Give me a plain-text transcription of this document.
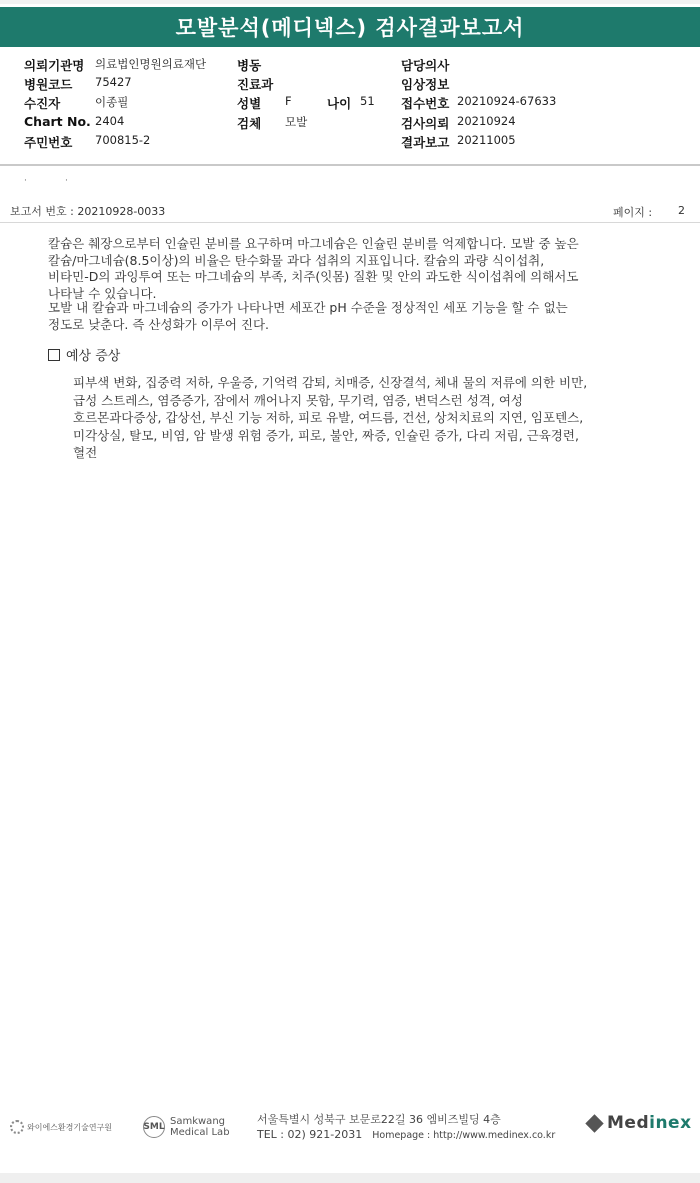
모발분석(메디넥스) 검사결과보고서
의뢰기관명 의료법인명원의료재단 병동	담당의사
병원코드 75427	진료과	임상정보
수진자	이종필	성별 F	나이 51 접수번호 20210924-67633
Chart No. 2404	검체 모발	검사의뢰 20210924
주민번호 700815-2	결과보고 20211005
·	·
보고서 번호 : 20210928-0033	페이지 : 2

칼슘은 췌장으로부터 인슐린 분비를 요구하며 마그네슘은 인슐린 분비를 억제합니다. 모발 중 높은

칼슘/마그네슘(8.5이상)의 비율은 탄수화물 과다 섭취의 지표입니다. 칼슘의 과량 식이섭취,

비타민-D의 과잉투여 또는 마그네슘의 부족, 치주(잇몸) 질환 및 안의 과도한 식이섭취에 의해서도

나타날 수 있습니다.

모발 내 칼슘과 마그네슘의 증가가 나타나면 세포간 pH 수준을 정상적인 세포 기능을 할 수 없는

정도로 낮춘다. 즉 산성화가 이루어 진다.

예상 증상

피부색 변화, 집중력 저하, 우울증, 기억력 감퇴, 치매증, 신장결석, 체내 물의 저류에 의한 비만,

급성 스트레스, 염증증가, 잠에서 깨어나지 못함, 무기력, 염증, 변덕스런 성격, 여성

호르몬과다증상, 갑상선, 부신 기능 저하, 피로 유발, 여드름, 건선, 상처치료의 지연, 임포텐스,

미각상실, 탈모, 비염, 암 발생 위험 증가, 피로, 불안, 짜증, 인슐린 증가, 다리 저림, 근육경련,

혈전

와이에스환경기술연구원	SML Samkwang
Medical Lab
서울특별시 성북구 보문로22길 36 엠비즈빌딩 4층
TEL : 02) 921-2031 Homepage : http://www.medinex.co.kr
Medinex
